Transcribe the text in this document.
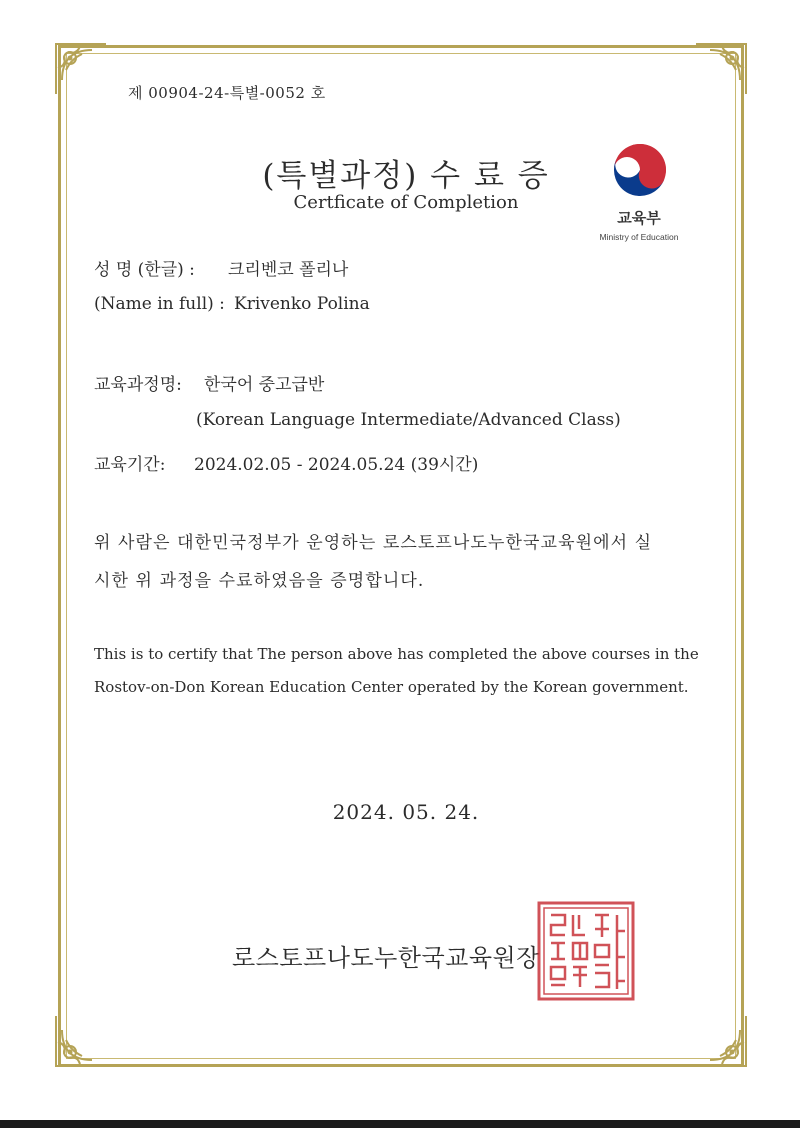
제 00904-24-특별-0052 호
(특별과정) 수 료 증
Certficate of Completion
교육부
Ministry of Education
성 명 (한글) : 크리벤코 폴리나
(Name in full) : Krivenko Polina
교육과정명: 한국어 중고급반
(Korean Language Intermediate/Advanced Class)
교육기간: 2024.02.05 - 2024.05.24 (39시간)
위 사람은 대한민국정부가 운영하는 로스토프나도누한국교육원에서 실
시한 위 과정을 수료하였음을 증명합니다.
This is to certify that The person above has completed the above courses in the
Rostov-on-Don Korean Education Center operated by the Korean government.
2024. 05. 24.
로스토프나도누한국교육원장
